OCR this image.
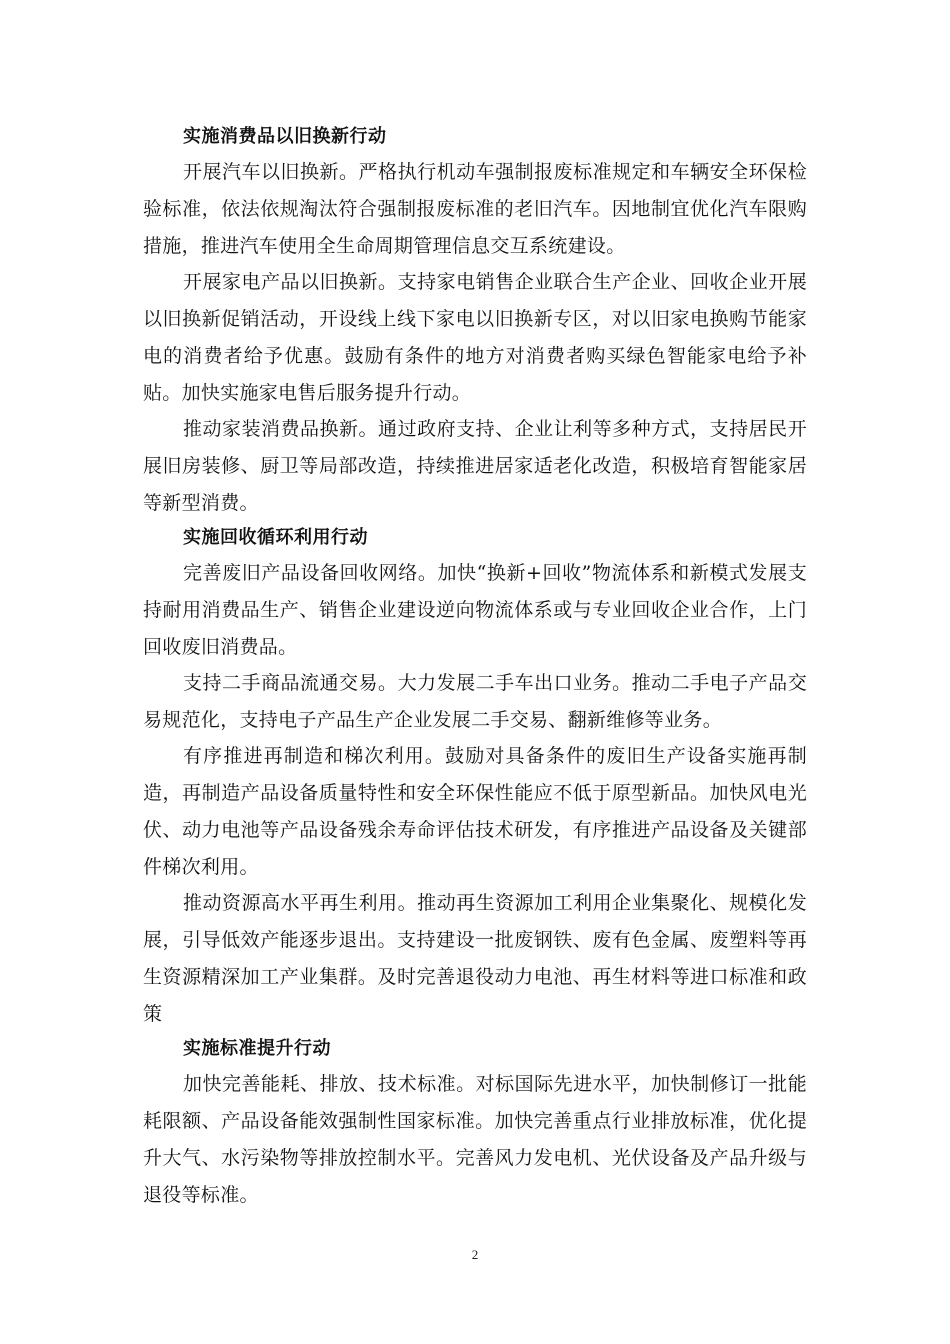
实施消费品以旧换新行动

开展汽车以旧换新。严格执行机动车强制报废标准规定和车辆安全环保检验标准，依法依规淘汰符合强制报废标准的老旧汽车。因地制宜优化汽车限购措施，推进汽车使用全生命周期管理信息交互系统建设。

开展家电产品以旧换新。支持家电销售企业联合生产企业、回收企业开展以旧换新促销活动，开设线上线下家电以旧换新专区，对以旧家电换购节能家电的消费者给予优惠。鼓励有条件的地方对消费者购买绿色智能家电给予补贴。加快实施家电售后服务提升行动。

推动家装消费品换新。通过政府支持、企业让利等多种方式，支持居民开展旧房装修、厨卫等局部改造，持续推进居家适老化改造，积极培育智能家居等新型消费。

实施回收循环利用行动

完善废旧产品设备回收网络。加快“换新+回收”物流体系和新模式发展支持耐用消费品生产、销售企业建设逆向物流体系或与专业回收企业合作，上门回收废旧消费品。

支持二手商品流通交易。大力发展二手车出口业务。推动二手电子产品交易规范化，支持电子产品生产企业发展二手交易、翻新维修等业务。

有序推进再制造和梯次利用。鼓励对具备条件的废旧生产设备实施再制造，再制造产品设备质量特性和安全环保性能应不低于原型新品。加快风电光伏、动力电池等产品设备残余寿命评估技术研发，有序推进产品设备及关键部件梯次利用。

推动资源高水平再生利用。推动再生资源加工利用企业集聚化、规模化发展，引导低效产能逐步退出。支持建设一批废钢铁、废有色金属、废塑料等再生资源精深加工产业集群。及时完善退役动力电池、再生材料等进口标准和政策

实施标准提升行动

加快完善能耗、排放、技术标准。对标国际先进水平，加快制修订一批能耗限额、产品设备能效强制性国家标准。加快完善重点行业排放标准，优化提升大气、水污染物等排放控制水平。完善风力发电机、光伏设备及产品升级与退役等标准。

2
